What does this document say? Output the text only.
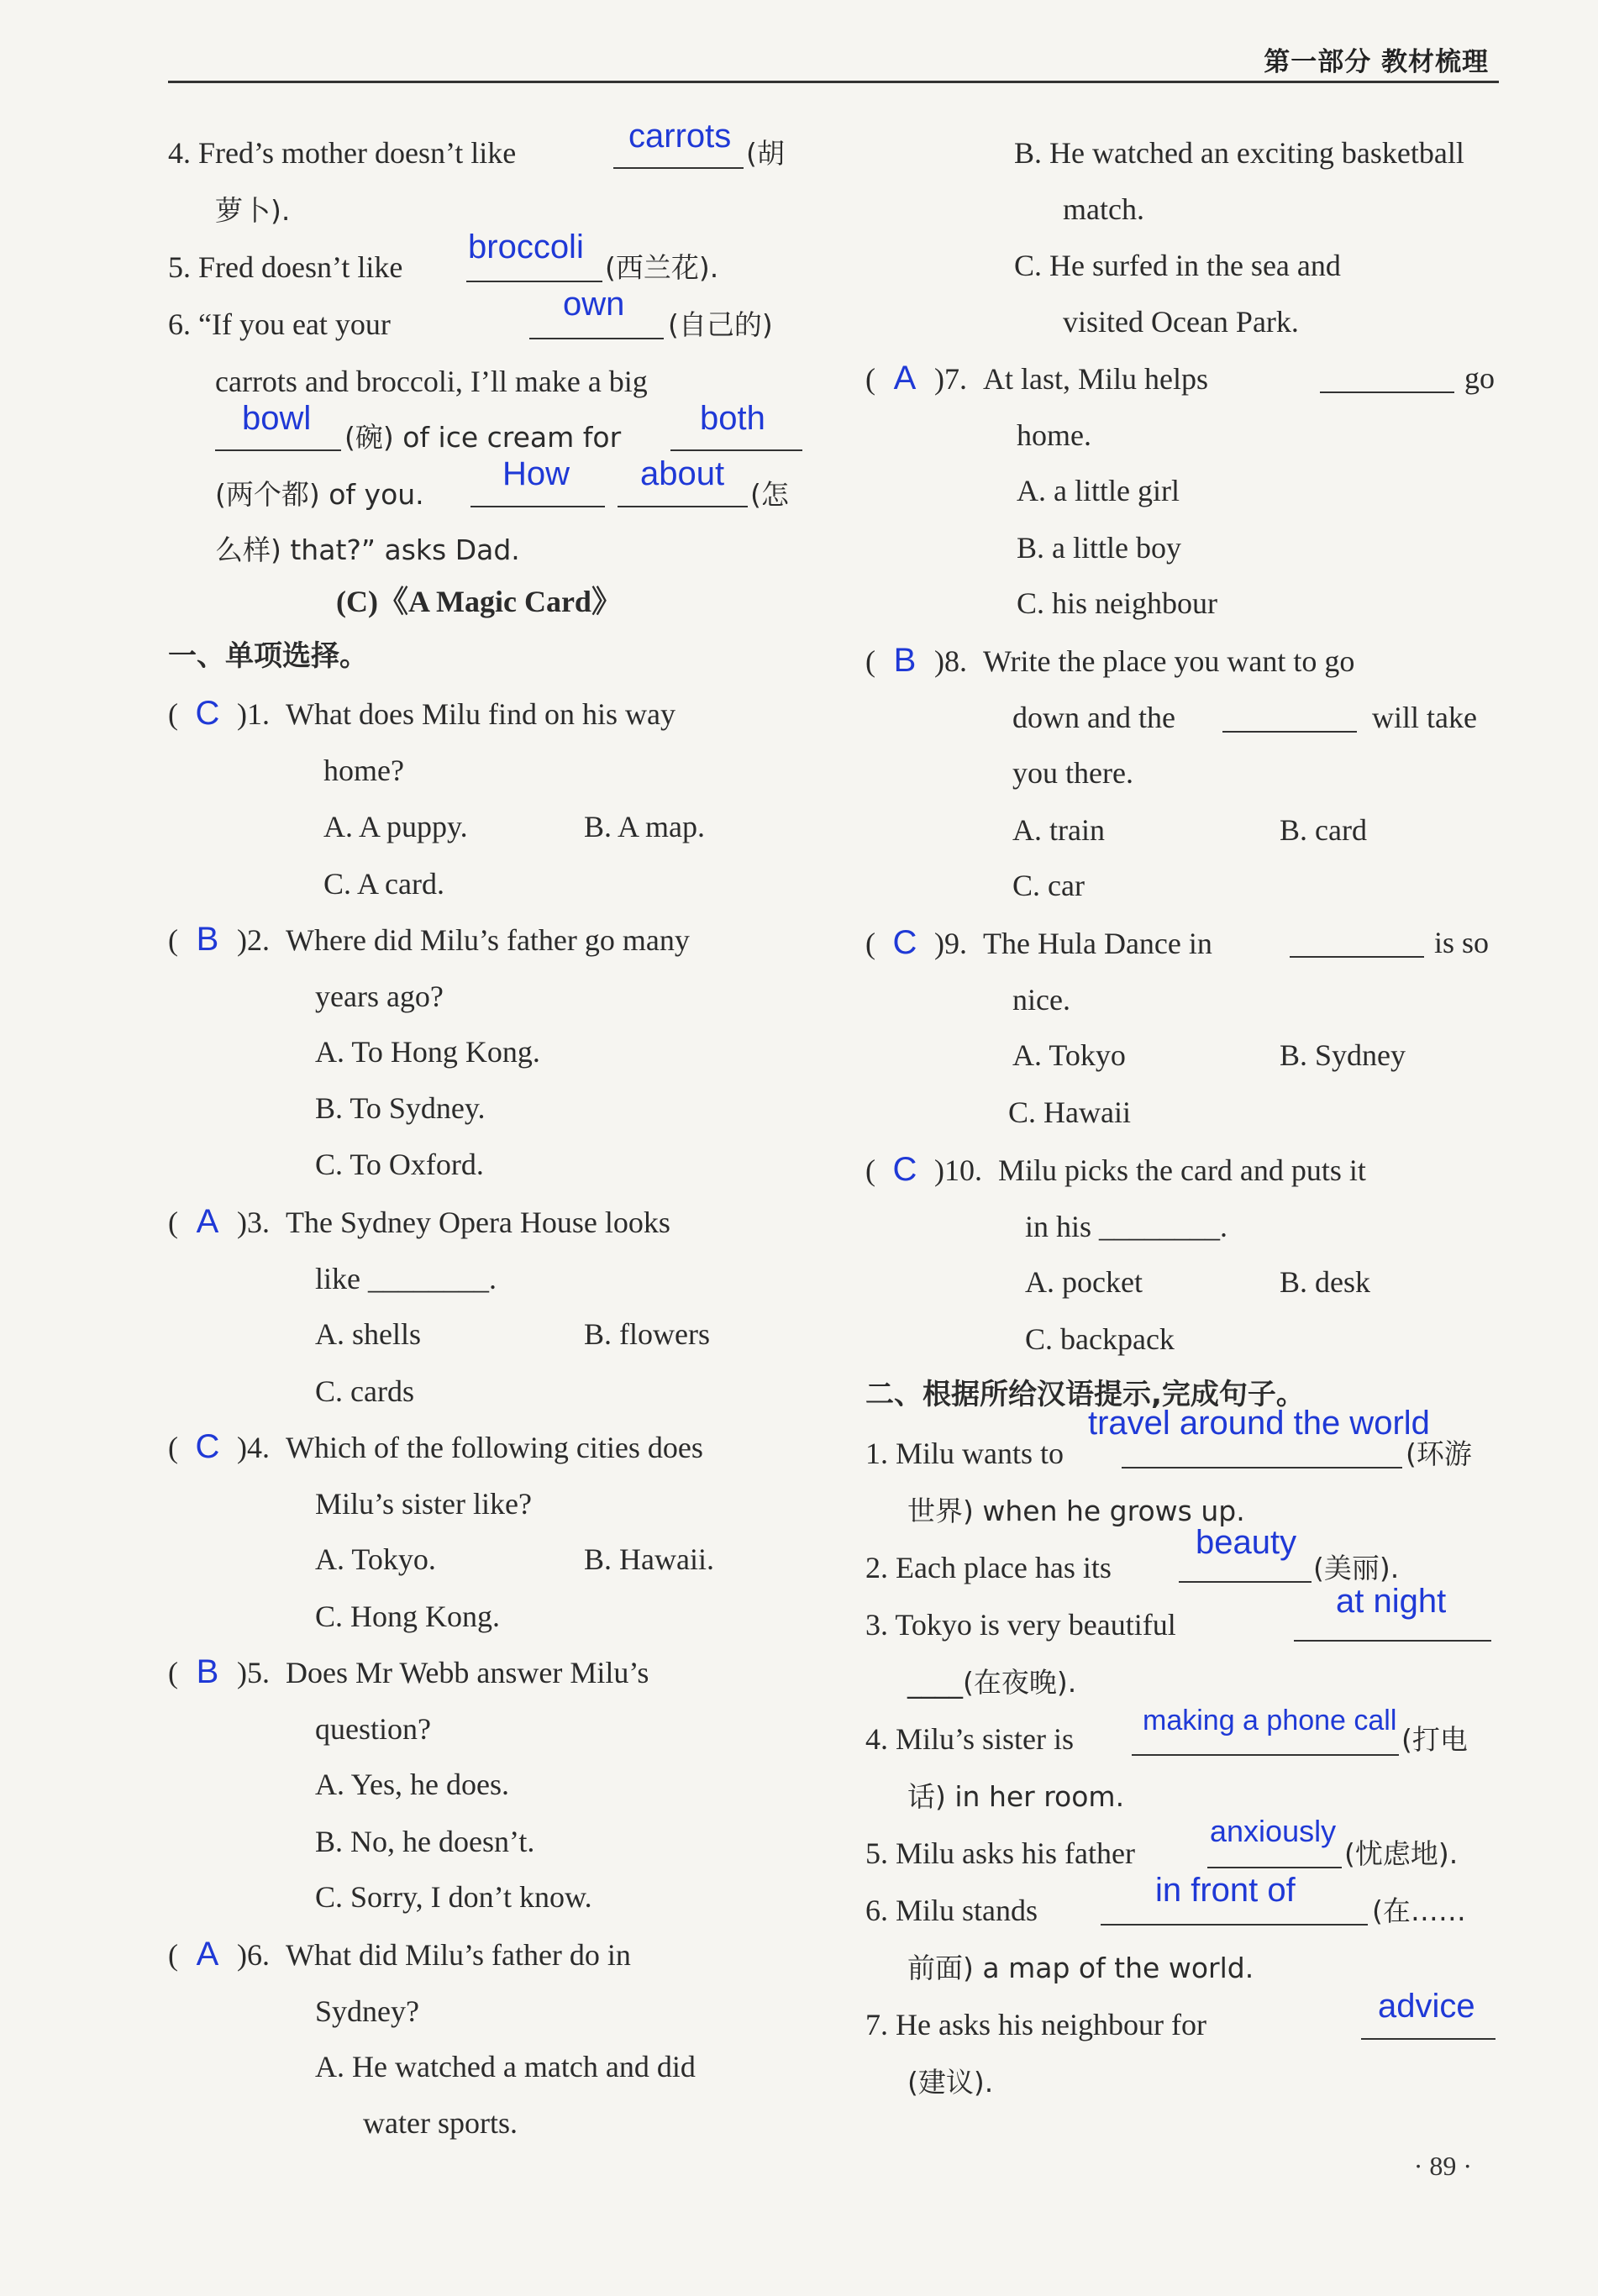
第一部分 教材梳理
4. Fred’s mother doesn’t like	carrots (胡
萝卜).
5. Fred doesn’t like
broccoli
(西兰花).
6. “If you eat your
own
(自己的)
carrots and broccoli, I’ll make a big
bowl
(碗) of ice cream for
both
(两个都) of you.
How about
(怎
么样) that?” asks Dad.
(C)《A Magic Card》
一、单项选择。
( C )1. What does Milu find on his way
home?
A. A puppy.	B. A map.
C. A card.
( B )2. Where did Milu’s father go many
years ago?
A. To Hong Kong.
B. To Sydney.
C. To Oxford.
( A )3. The Sydney Opera House looks
like ________.
A. shells	B. flowers
C. cards
( C )4. Which of the following cities does
Milu’s sister like?
A. Tokyo.	B. Hawaii.
C. Hong Kong.
( B )5. Does Mr Webb answer Milu’s
question?
A. Yes, he does.
B. No, he doesn’t.
C. Sorry, I don’t know.
( A )6. What did Milu’s father do in
Sydney?
A. He watched a match and did
water sports.
B. He watched an exciting basketball
match.
C. He surfed in the sea and
visited Ocean Park.
( A )7. At last, Milu helps	go
home.
A. a little girl
B. a little boy
C. his neighbour
( B )8. Write the place you want to go
down and the	will take
you there.
A. train	B. card
C. car
( C )9. The Hula Dance in	is so
nice.
A. Tokyo	B. Sydney
C. Hawaii
( C )10. Milu picks the card and puts it
in his ________.
A. pocket	B. desk
C. backpack
二、根据所给汉语提示,完成句子。
travel around the world
1. Milu wants to	(环游
世界) when he grows up.
2. Each place has its
beauty
(美丽).
3. Tokyo is very beautiful
at night
____(在夜晚).
4. Milu’s sister is
making a phone call
(打电
话) in her room.
5. Milu asks his father
anxiously
(忧虑地).
6. Milu stands
in front of
(在……
前面) a map of the world.
7. He asks his neighbour for	advice
(建议).
· 89 ·
